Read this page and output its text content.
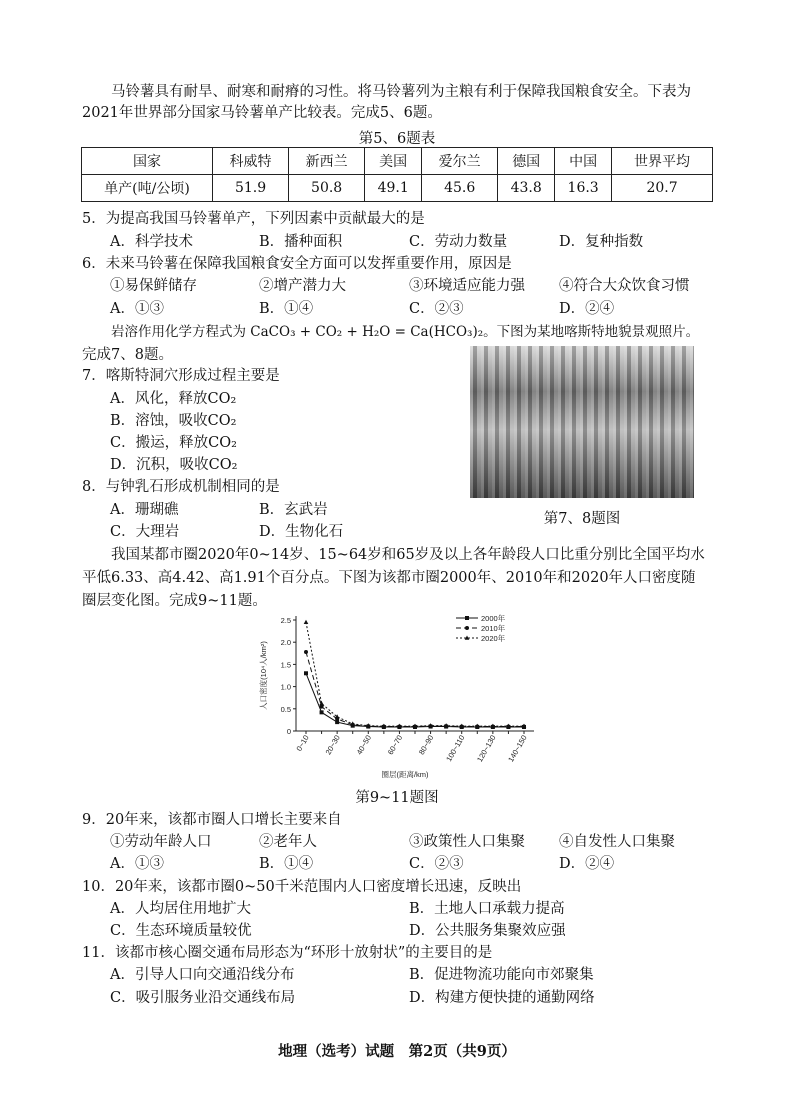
马铃薯具有耐旱、耐寒和耐瘠的习性。将马铃薯列为主粮有利于保障我国粮食安全。下表为2021年世界部分国家马铃薯单产比较表。完成5、6题。
第5、6题表
国家	科威特	新西兰	美国	爱尔兰	德国	中国	世界平均
单产(吨/公顷)	51.9	50.8	49.1	45.6	43.8	16.3	20.7
5．为提高我国马铃薯单产，下列因素中贡献最大的是
A．科学技术	B．播种面积	C．劳动力数量	D．复种指数
6．未来马铃薯在保障我国粮食安全方面可以发挥重要作用，原因是
①易保鲜储存	②增产潜力大	③环境适应能力强 ④符合大众饮食习惯
A．①③	B．①④	C．②③	D．②④
岩溶作用化学方程式为 CaCO₃ + CO₂ + H₂O = Ca(HCO₃)₂。下图为某地喀斯特地貌景观照片。
完成7、8题。
第7、8题图
7．喀斯特洞穴形成过程主要是
A．风化，释放CO₂
B．溶蚀，吸收CO₂
C．搬运，释放CO₂
D．沉积，吸收CO₂
8．与钟乳石形成机制相同的是
A．珊瑚礁	B．玄武岩
C．大理岩	D．生物化石
我国某都市圈2020年0~14岁、15~64岁和65岁及以上各年龄段人口比重分别比全国平均水
平低6.33、高4.42、高1.91个百分点。下图为该都市圈2000年、2010年和2020年人口密度随
圈层变化图。完成9~11题。
0
0.5
1.0
1.5
2.0
2.5
0~10 20~30 40~50 60~70 80~90 100~110 120~130 140~150
圈层(距离/km)
人口密度(10⁴人/km²)
2000年
2010年
2020年
第9~11题图
9．20年来，该都市圈人口增长主要来自
①劳动年龄人口	②老年人	③政策性人口集聚 ④自发性人口集聚
A．①③	B．①④	C．②③	D．②④
10．20年来，该都市圈0~50千米范围内人口密度增长迅速，反映出
A．人均居住用地扩大	B．土地人口承载力提高
C．生态环境质量较优	D．公共服务集聚效应强
11．该都市核心圈交通布局形态为“环形十放射状”的主要目的是
A．引导人口向交通沿线分布	B．促进物流功能向市郊聚集
C．吸引服务业沿交通线布局	D．构建方便快捷的通勤网络
地理（选考）试题　第2页（共9页）
